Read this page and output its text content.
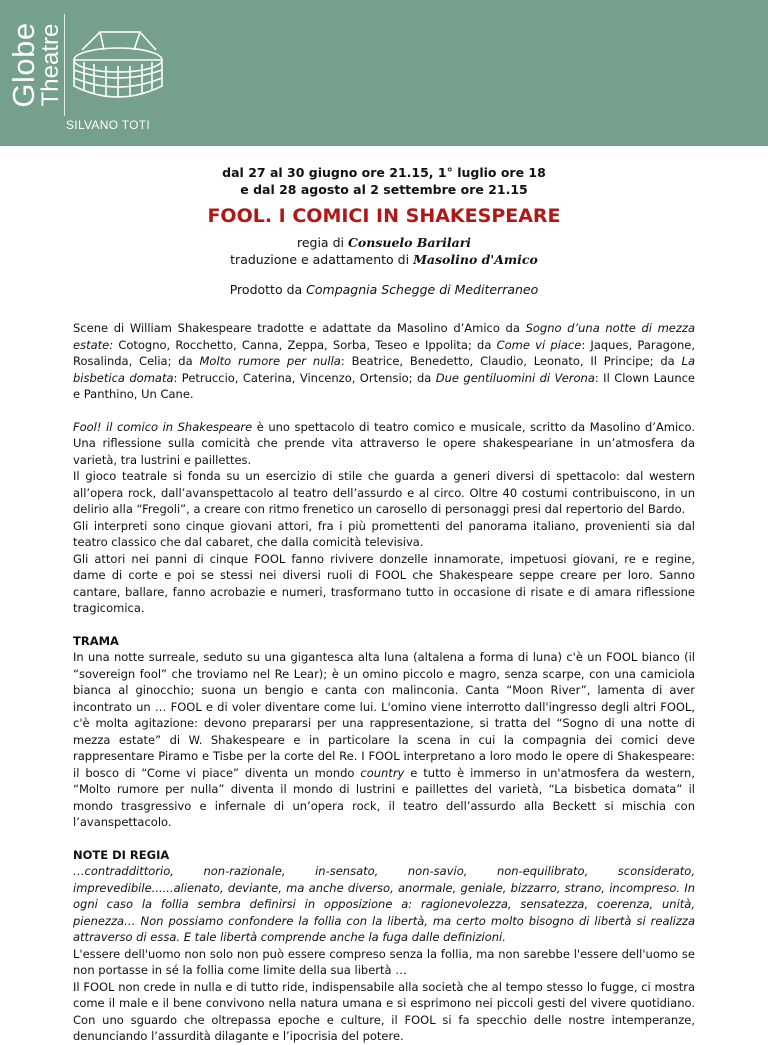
Globe
Theatre
SILVANO TOTI
dal 27 al 30 giugno ore 21.15, 1° luglio ore 18
e dal 28 agosto al 2 settembre ore 21.15
FOOL. I COMICI IN SHAKESPEARE
regia di Consuelo Barilari
traduzione e adattamento di Masolino d'Amico
Prodotto da Compagnia Schegge di Mediterraneo

Scene di William Shakespeare tradotte e adattate da Masolino d’Amico da Sogno d’una notte di mezza estate: Cotogno, Rocchetto, Canna, Zeppa, Sorba, Teseo e Ippolita; da Come vi piace: Jaques, Paragone, Rosalinda, Celia; da Molto rumore per nulla: Beatrice, Benedetto, Claudio, Leonato, Il Principe; da La bisbetica domata: Petruccio, Caterina, Vincenzo, Ortensio; da Due gentiluomini di Verona: Il Clown Launce e Panthino, Un Cane.

Fool! il comico in Shakespeare è uno spettacolo di teatro comico e musicale, scritto da Masolino d’Amico. Una riflessione sulla comicità che prende vita attraverso le opere shakespeariane in un’atmosfera da varietà, tra lustrini e paillettes.

Il gioco teatrale si fonda su un esercizio di stile che guarda a generi diversi di spettacolo: dal western all’opera rock, dall’avanspettacolo al teatro dell’assurdo e al circo. Oltre 40 costumi contribuiscono, in un delirio alla “Fregoli”, a creare con ritmo frenetico un carosello di personaggi presi dal repertorio del Bardo.

Gli interpreti sono cinque giovani attori, fra i più promettenti del panorama italiano, provenienti sia dal teatro classico che dal cabaret, che dalla comicità televisiva.

Gli attori nei panni di cinque FOOL fanno rivivere donzelle innamorate, impetuosi giovani, re e regine, dame di corte e poi se stessi nei diversi ruoli di FOOL che Shakespeare seppe creare per loro. Sanno cantare, ballare, fanno acrobazie e numeri, trasformano tutto in occasione di risate e di amara riflessione tragicomica.

TRAMA

In una notte surreale, seduto su una gigantesca alta luna (altalena a forma di luna) c'è un FOOL bianco (il “sovereign fool” che troviamo nel Re Lear); è un omino piccolo e magro, senza scarpe, con una camiciola bianca al ginocchio; suona un bengio e canta con malinconia. Canta “Moon River”, lamenta di aver incontrato un … FOOL e di voler diventare come lui. L'omino viene interrotto dall'ingresso degli altri FOOL, c'è molta agitazione: devono prepararsi per una rappresentazione, si tratta del “Sogno di una notte di mezza estate” di W. Shakespeare e in particolare la scena in cui la compagnia dei comici deve rappresentare Piramo e Tisbe per la corte del Re. I FOOL interpretano a loro modo le opere di Shakespeare: il bosco di “Come vi piace” diventa un mondo country e tutto è immerso in un'atmosfera da western, “Molto rumore per nulla” diventa il mondo di lustrini e paillettes del varietà, “La bisbetica domata” il mondo trasgressivo e infernale di un’opera rock, il teatro dell’assurdo alla Beckett si mischia con l’avanspettacolo.

NOTE DI REGIA

…contraddittorio, non-razionale, in-sensato, non-savio, non-equilibrato, sconsiderato, imprevedibile......alienato, deviante, ma anche diverso, anormale, geniale, bizzarro, strano, incompreso. In ogni caso la follia sembra definirsi in opposizione a: ragionevolezza, sensatezza, coerenza, unità, pienezza… Non possiamo confondere la follia con la libertà, ma certo molto bisogno di libertà si realizza attraverso di essa. E tale libertà comprende anche la fuga dalle definizioni.

L'essere dell'uomo non solo non può essere compreso senza la follia, ma non sarebbe l'essere dell'uomo se non portasse in sé la follia come limite della sua libertà …

Il FOOL non crede in nulla e di tutto ride, indispensabile alla società che al tempo stesso lo fugge, ci mostra come il male e il bene convivono nella natura umana e si esprimono nei piccoli gesti del vivere quotidiano. Con uno sguardo che oltrepassa epoche e culture, il FOOL si fa specchio delle nostre intemperanze, denunciando l’assurdità dilagante e l’ipocrisia del potere.
